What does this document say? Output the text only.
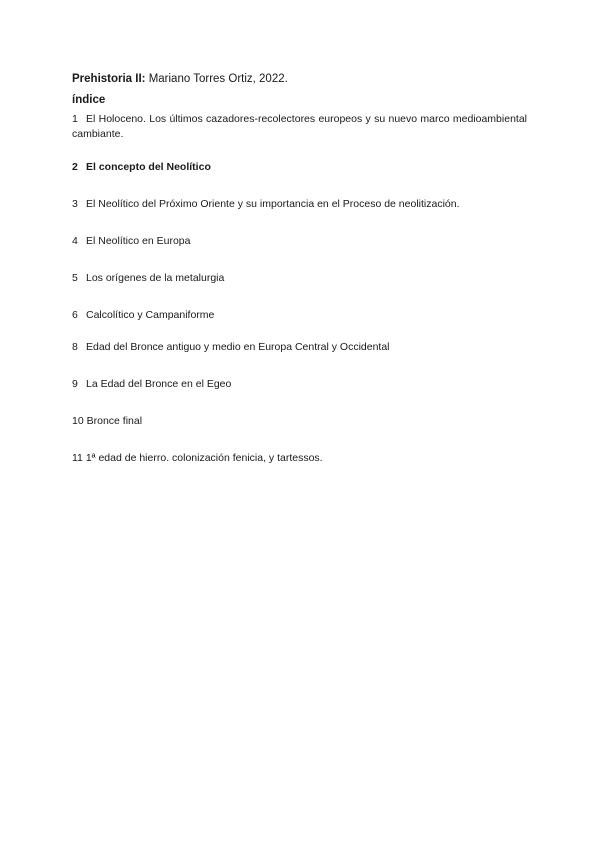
Prehistoria II: Mariano Torres Ortiz, 2022.

índice
1 El Holoceno. Los últimos cazadores-recolectores europeos y su nuevo marco medioambiental cambiante.
2 El concepto del Neolítico
3 El Neolítico del Próximo Oriente y su importancia en el Proceso de neolitización.
4 El Neolítico en Europa
5 Los orígenes de la metalurgia
6 Calcolítico y Campaniforme
8 Edad del Bronce antiguo y medio en Europa Central y Occidental
9 La Edad del Bronce en el Egeo
10 Bronce final
11 1ª edad de hierro. colonización fenicia, y tartessos.
